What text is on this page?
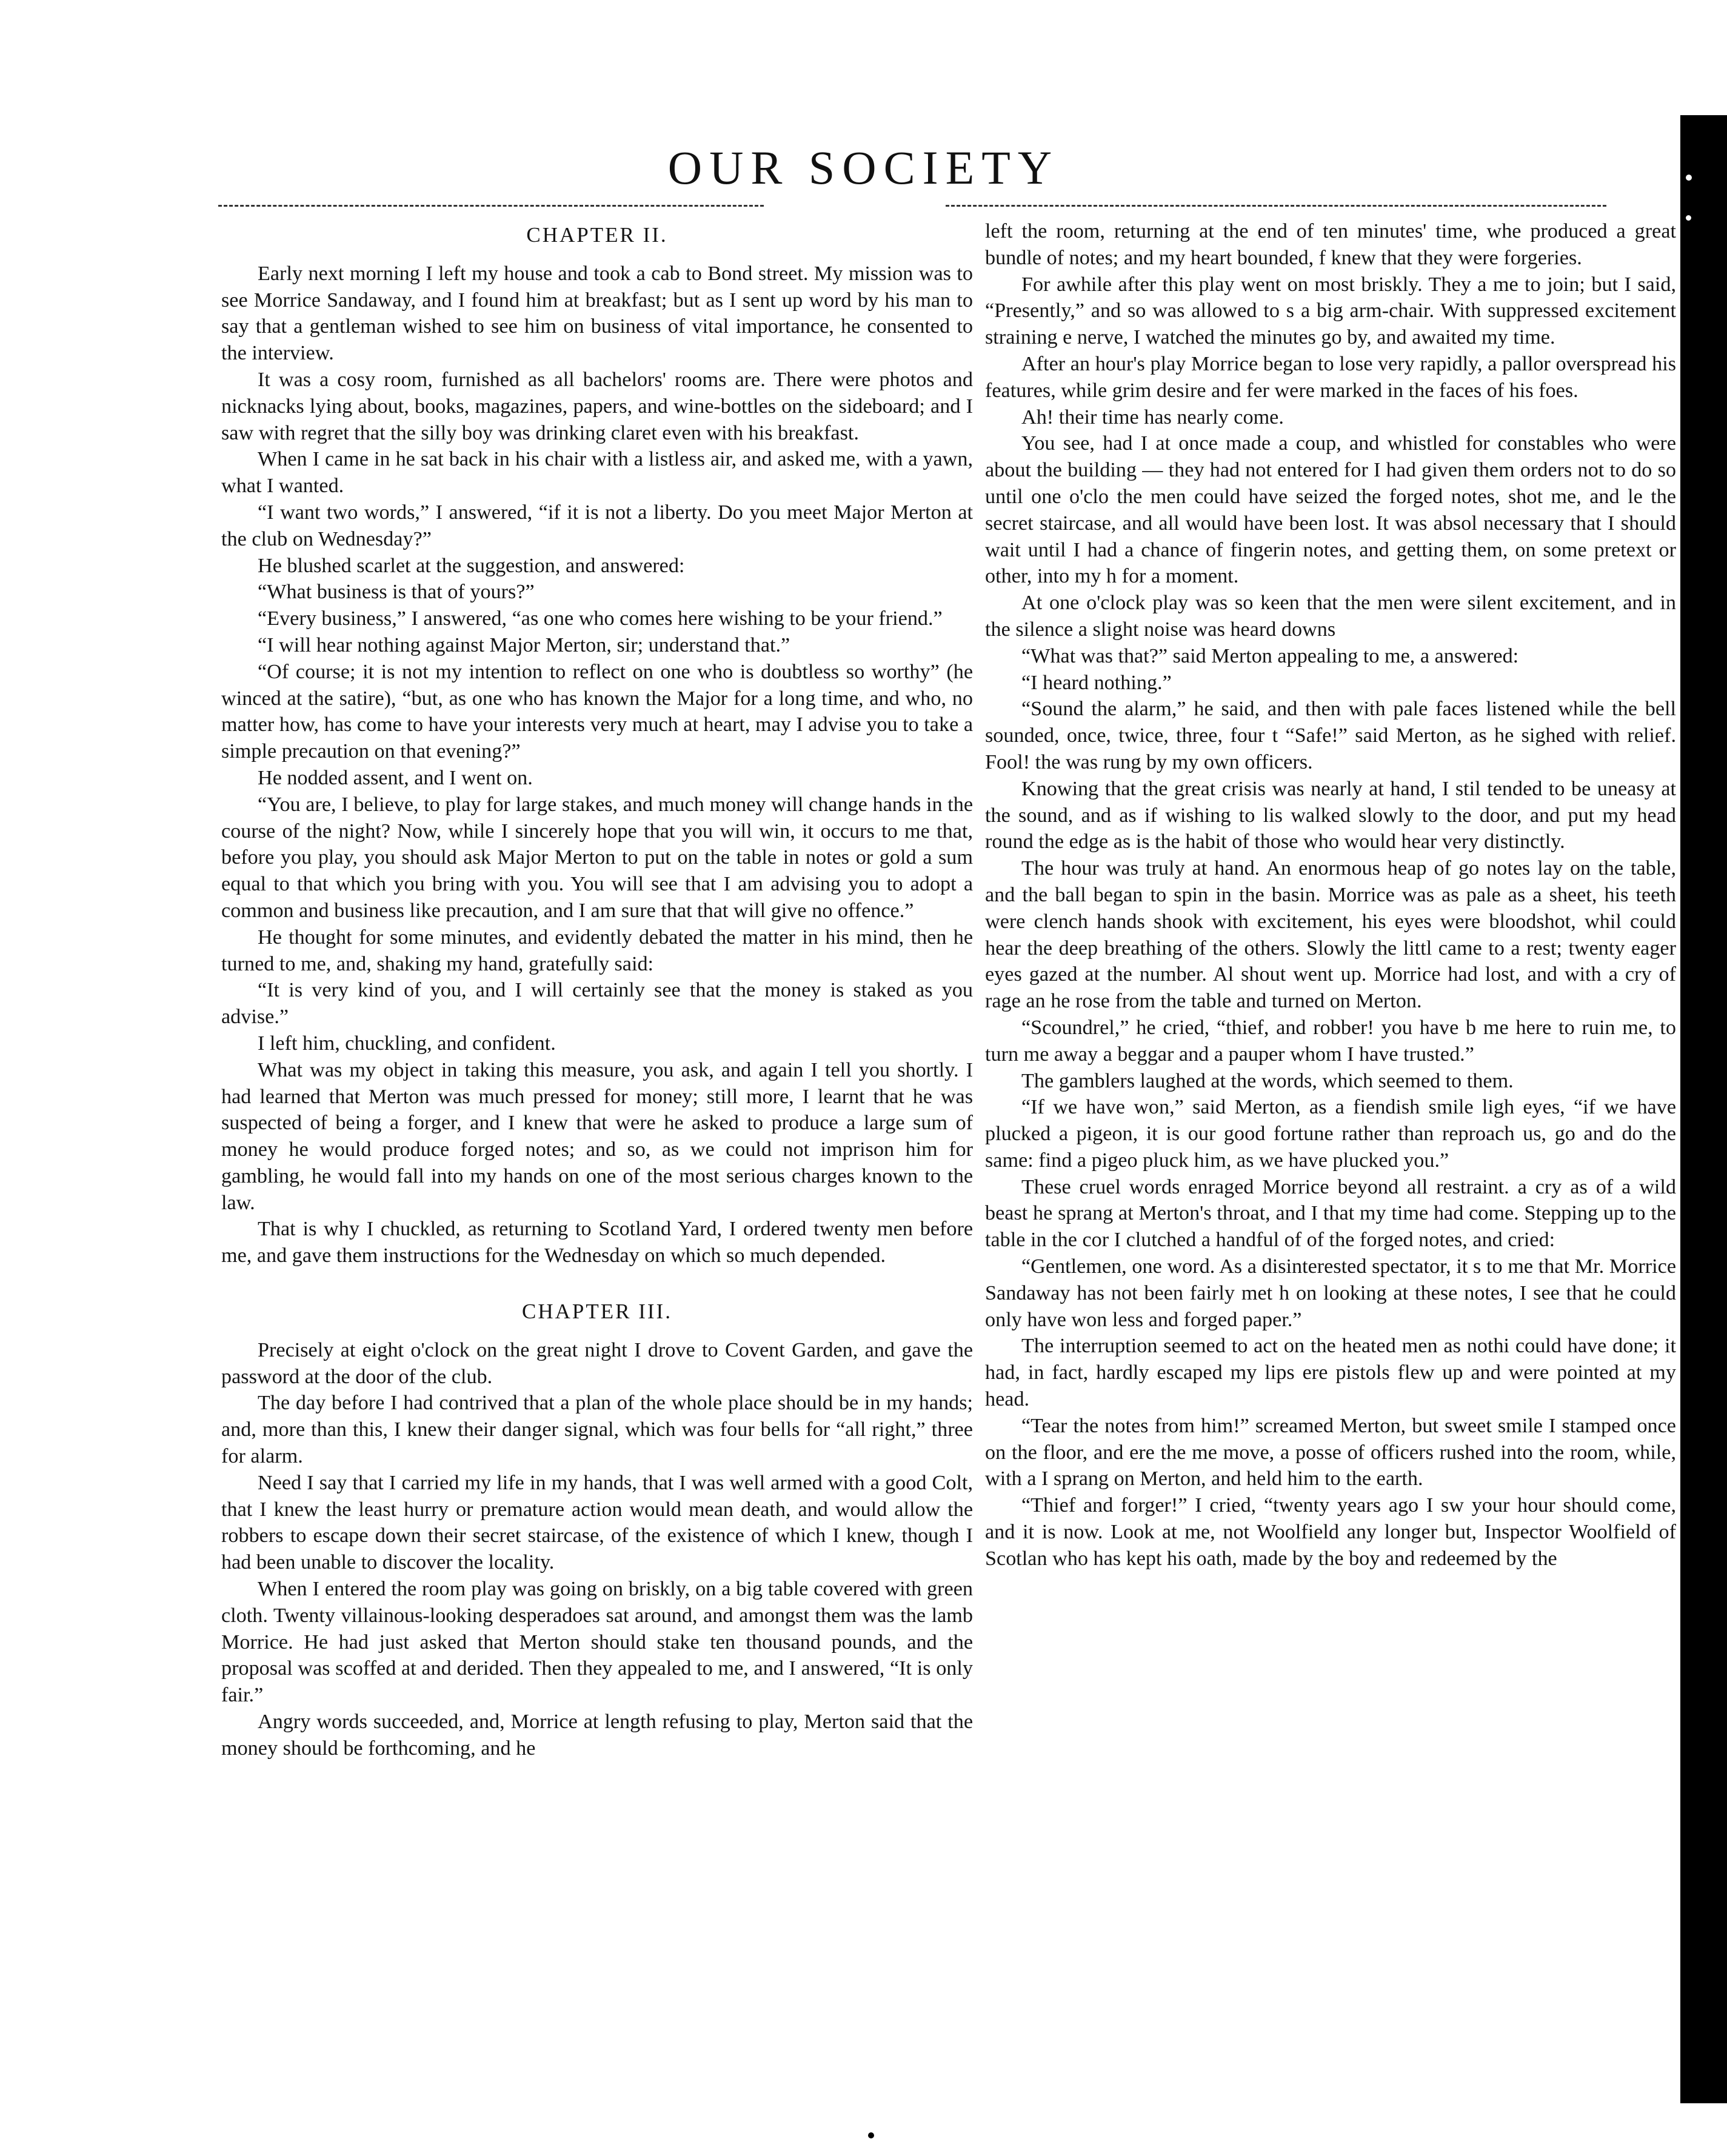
OUR SOCIETY
CHAPTER II.

Early next morning I left my house and took a cab to Bond street. My mission was to see Morrice Sandaway, and I found him at breakfast; but as I sent up word by his man to say that a gentleman wished to see him on business of vital importance, he consented to the interview.

It was a cosy room, furnished as all bachelors' rooms are. There were photos and nicknacks lying about, books, magazines, papers, and wine-bottles on the sideboard; and I saw with regret that the silly boy was drinking claret even with his breakfast.

When I came in he sat back in his chair with a listless air, and asked me, with a yawn, what I wanted.

“I want two words,” I answered, “if it is not a liberty. Do you meet Major Merton at the club on Wednesday?”

He blushed scarlet at the suggestion, and answered:

“What business is that of yours?”

“Every business,” I answered, “as one who comes here wishing to be your friend.”

“I will hear nothing against Major Merton, sir; understand that.”

“Of course; it is not my intention to reflect on one who is doubtless so worthy” (he winced at the satire), “but, as one who has known the Major for a long time, and who, no matter how, has come to have your interests very much at heart, may I advise you to take a simple precaution on that evening?”

He nodded assent, and I went on.

“You are, I believe, to play for large stakes, and much money will change hands in the course of the night? Now, while I sincerely hope that you will win, it occurs to me that, before you play, you should ask Major Merton to put on the table in notes or gold a sum equal to that which you bring with you. You will see that I am advising you to adopt a common and business like precaution, and I am sure that that will give no offence.”

He thought for some minutes, and evidently debated the matter in his mind, then he turned to me, and, shaking my hand, gratefully said:

“It is very kind of you, and I will certainly see that the money is staked as you advise.”

I left him, chuckling, and confident.

What was my object in taking this measure, you ask, and again I tell you shortly. I had learned that Merton was much pressed for money; still more, I learnt that he was suspected of being a forger, and I knew that were he asked to produce a large sum of money he would produce forged notes; and so, as we could not imprison him for gambling, he would fall into my hands on one of the most serious charges known to the law.

That is why I chuckled, as returning to Scotland Yard, I ordered twenty men before me, and gave them instructions for the Wednesday on which so much depended.

CHAPTER III.

Precisely at eight o'clock on the great night I drove to Covent Garden, and gave the password at the door of the club.

The day before I had contrived that a plan of the whole place should be in my hands; and, more than this, I knew their danger signal, which was four bells for “all right,” three for alarm.

Need I say that I carried my life in my hands, that I was well armed with a good Colt, that I knew the least hurry or premature action would mean death, and would allow the robbers to escape down their secret staircase, of the existence of which I knew, though I had been unable to discover the locality.

When I entered the room play was going on briskly, on a big table covered with green cloth. Twenty villainous-looking desperadoes sat around, and amongst them was the lamb Morrice. He had just asked that Merton should stake ten thousand pounds, and the proposal was scoffed at and derided. Then they appealed to me, and I answered, “It is only fair.”

Angry words succeeded, and, Morrice at length refusing to play, Merton said that the money should be forthcoming, and he

left the room, returning at the end of ten minutes' time, whe produced a great bundle of notes; and my heart bounded, f knew that they were forgeries.

For awhile after this play went on most briskly. They a me to join; but I said, “Presently,” and so was allowed to s a big arm-chair. With suppressed excitement straining e nerve, I watched the minutes go by, and awaited my time.

After an hour's play Morrice began to lose very rapidly, a pallor overspread his features, while grim desire and fer were marked in the faces of his foes.

Ah! their time has nearly come.

You see, had I at once made a coup, and whistled for constables who were about the building — they had not entered for I had given them orders not to do so until one o'clo the men could have seized the forged notes, shot me, and le the secret staircase, and all would have been lost. It was absol necessary that I should wait until I had a chance of fingerin notes, and getting them, on some pretext or other, into my h for a moment.

At one o'clock play was so keen that the men were silent excitement, and in the silence a slight noise was heard downs

“What was that?” said Merton appealing to me, a answered:

“I heard nothing.”

“Sound the alarm,” he said, and then with pale faces listened while the bell sounded, once, twice, three, four t “Safe!” said Merton, as he sighed with relief. Fool! the was rung by my own officers.

Knowing that the great crisis was nearly at hand, I stil tended to be uneasy at the sound, and as if wishing to lis walked slowly to the door, and put my head round the edge as is the habit of those who would hear very distinctly.

The hour was truly at hand. An enormous heap of go notes lay on the table, and the ball began to spin in the basin. Morrice was as pale as a sheet, his teeth were clench hands shook with excitement, his eyes were bloodshot, whil could hear the deep breathing of the others. Slowly the littl came to a rest; twenty eager eyes gazed at the number. Al shout went up. Morrice had lost, and with a cry of rage an he rose from the table and turned on Merton.

“Scoundrel,” he cried, “thief, and robber! you have b me here to ruin me, to turn me away a beggar and a pauper whom I have trusted.”

The gamblers laughed at the words, which seemed to them.

“If we have won,” said Merton, as a fiendish smile ligh eyes, “if we have plucked a pigeon, it is our good fortune rather than reproach us, go and do the same: find a pigeo pluck him, as we have plucked you.”

These cruel words enraged Morrice beyond all restraint. a cry as of a wild beast he sprang at Merton's throat, and I that my time had come. Stepping up to the table in the cor I clutched a handful of of the forged notes, and cried:

“Gentlemen, one word. As a disinterested spectator, it s to me that Mr. Morrice Sandaway has not been fairly met h on looking at these notes, I see that he could only have won less and forged paper.”

The interruption seemed to act on the heated men as nothi could have done; it had, in fact, hardly escaped my lips ere pistols flew up and were pointed at my head.

“Tear the notes from him!” screamed Merton, but sweet smile I stamped once on the floor, and ere the me move, a posse of officers rushed into the room, while, with a I sprang on Merton, and held him to the earth.

“Thief and forger!” I cried, “twenty years ago I sw your hour should come, and it is now. Look at me, not Woolfield any longer but, Inspector Woolfield of Scotlan who has kept his oath, made by the boy and redeemed by the
